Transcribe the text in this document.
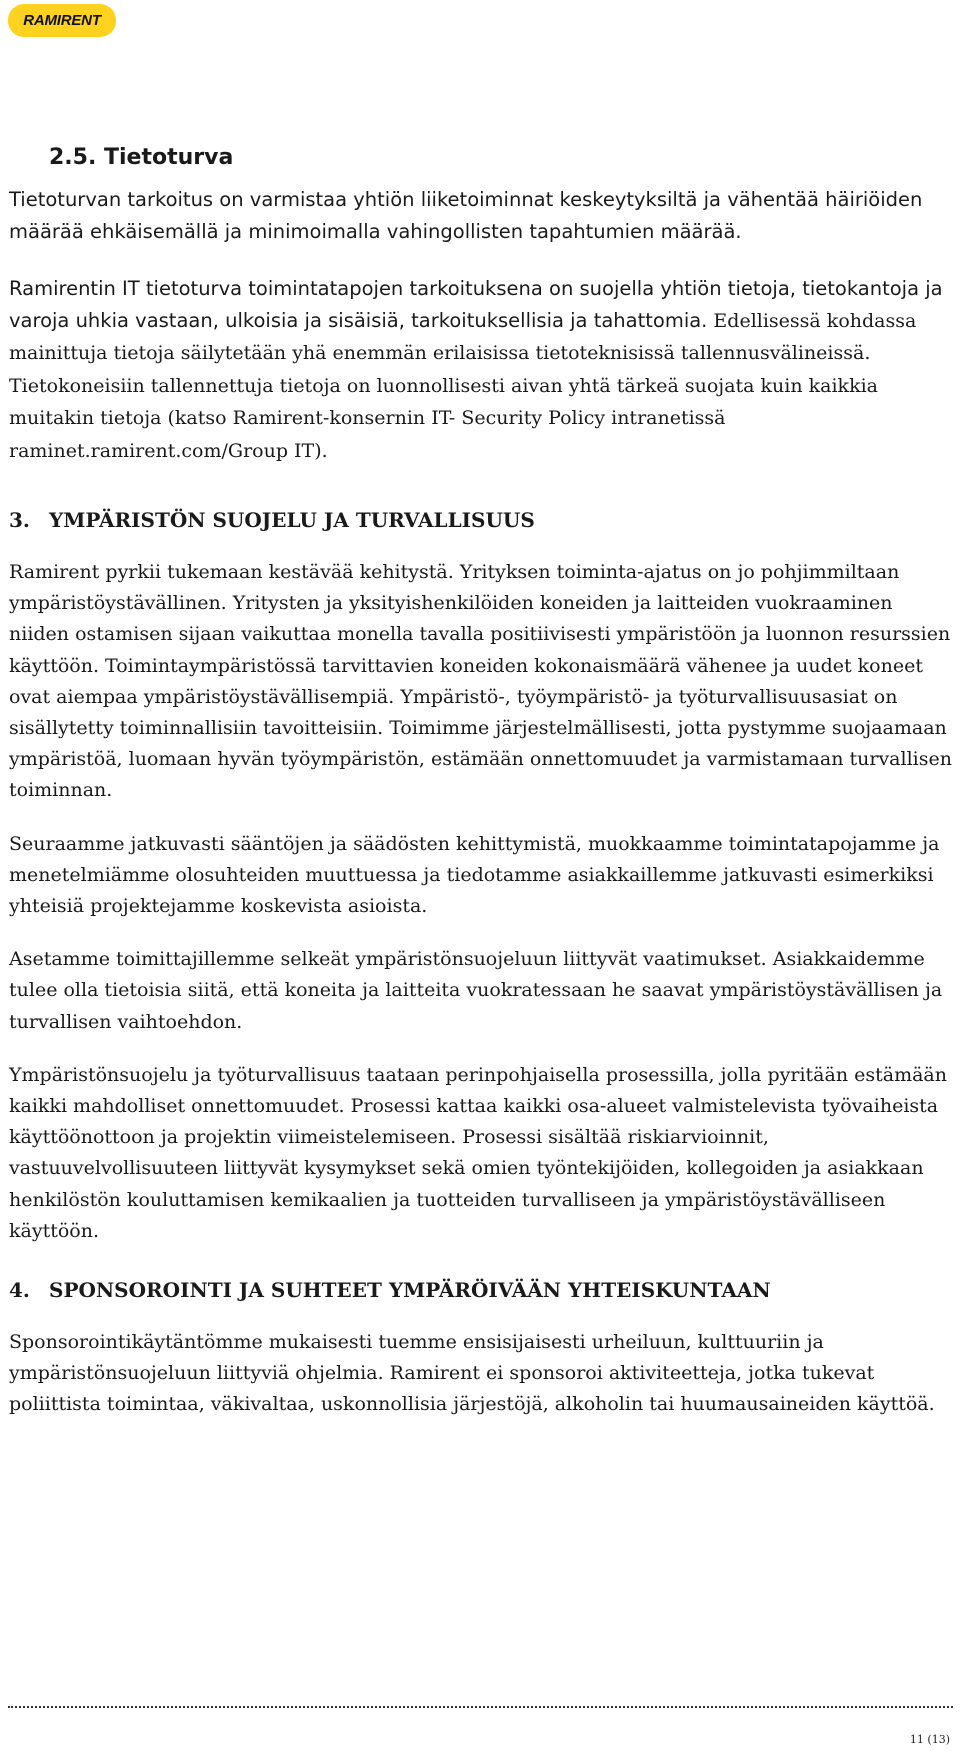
RAMIRENT
2.5. Tietoturva

Tietoturvan tarkoitus on varmistaa yhtiön liiketoiminnat keskeytyksiltä ja vähentää häiriöiden määrää ehkäisemällä ja minimoimalla vahingollisten tapahtumien määrää.

Ramirentin IT tietoturva toimintatapojen tarkoituksena on suojella yhtiön tietoja, tietokantoja ja varoja uhkia vastaan, ulkoisia ja sisäisiä, tarkoituksellisia ja tahattomia. Edellisessä kohdassa mainittuja tietoja säilytetään yhä enemmän erilaisissa tietoteknisissä tallennusvälineissä. Tietokoneisiin tallennettuja tietoja on luonnollisesti aivan yhtä tärkeä suojata kuin kaikkia muitakin tietoja (katso Ramirent-konsernin IT- Security Policy intranetissä raminet.ramirent.com/Group IT).

3. YMPÄRISTÖN SUOJELU JA TURVALLISUUS

Ramirent pyrkii tukemaan kestävää kehitystä. Yrityksen toiminta-ajatus on jo pohjimmiltaan ympäristöystävällinen. Yritysten ja yksityishenkilöiden koneiden ja laitteiden vuokraaminen niiden ostamisen sijaan vaikuttaa monella tavalla positiivisesti ympäristöön ja luonnon resurssien käyttöön. Toimintaympäristössä tarvittavien koneiden kokonaismäärä vähenee ja uudet koneet ovat aiempaa ympäristöystävällisempiä. Ympäristö-, työympäristö- ja työturvallisuusasiat on sisällytetty toiminnallisiin tavoitteisiin. Toimimme järjestelmällisesti, jotta pystymme suojaamaan ympäristöä, luomaan hyvän työympäristön, estämään onnettomuudet ja varmistamaan turvallisen toiminnan.

Seuraamme jatkuvasti sääntöjen ja säädösten kehittymistä, muokkaamme toimintatapojamme ja menetelmiämme olosuhteiden muuttuessa ja tiedotamme asiakkaillemme jatkuvasti esimerkiksi yhteisiä projektejamme koskevista asioista.

Asetamme toimittajillemme selkeät ympäristönsuojeluun liittyvät vaatimukset. Asiakkaidemme tulee olla tietoisia siitä, että koneita ja laitteita vuokratessaan he saavat ympäristöystävällisen ja turvallisen vaihtoehdon.

Ympäristönsuojelu ja työturvallisuus taataan perinpohjaisella prosessilla, jolla pyritään estämään kaikki mahdolliset onnettomuudet. Prosessi kattaa kaikki osa-alueet valmistelevista työvaiheista käyttöönottoon ja projektin viimeistelemiseen. Prosessi sisältää riskiarvioinnit, vastuuvelvollisuuteen liittyvät kysymykset sekä omien työntekijöiden, kollegoiden ja asiakkaan henkilöstön kouluttamisen kemikaalien ja tuotteiden turvalliseen ja ympäristöystävälliseen käyttöön.

4. SPONSOROINTI JA SUHTEET YMPÄRÖIVÄÄN YHTEISKUNTAAN

Sponsorointikäytäntömme mukaisesti tuemme ensisijaisesti urheiluun, kulttuuriin ja ympäristönsuojeluun liittyviä ohjelmia. Ramirent ei sponsoroi aktiviteetteja, jotka tukevat poliittista toimintaa, väkivaltaa, uskonnollisia järjestöjä, alkoholin tai huumausaineiden käyttöä.

11 (13)
